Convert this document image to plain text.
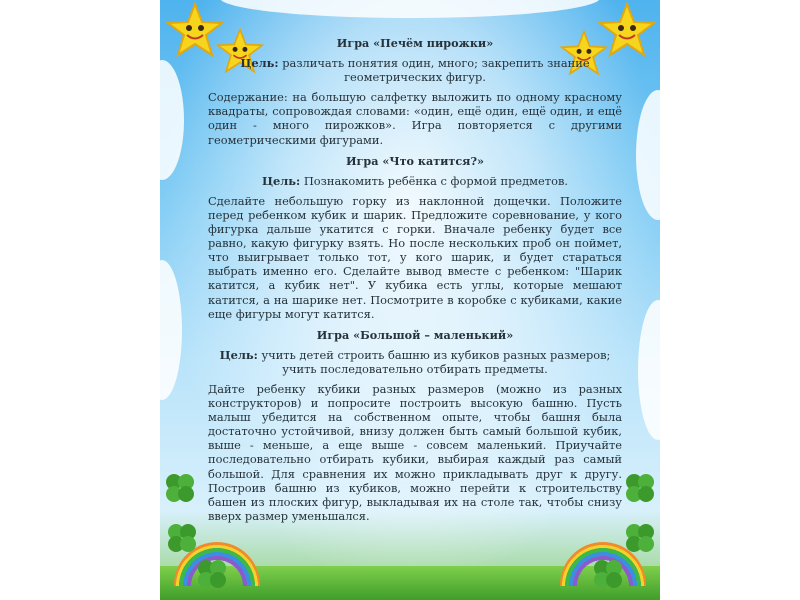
Игра «Печём пирожки»
Цель: различать понятия один, много; закрепить знание геометрических фигур.
Содержание: на большую салфетку выложить по одному красному квадраты, сопровождая словами: «один, ещё один, ещё один, и ещё один - много пирожков». Игра повторяется с другими геометрическими фигурами.
Игра «Что катится?»
Цель: Познакомить ребёнка с формой предметов.
Сделайте небольшую горку из наклонной дощечки. Положите перед ребенком кубик и шарик. Предложите соревнование, у кого фигурка дальше укатится с горки. Вначале ребенку будет все равно, какую фигурку взять. Но после нескольких проб он поймет, что выигрывает только тот, у кого шарик, и будет стараться выбрать именно его. Сделайте вывод вместе с ребенком: "Шарик катится, а кубик нет". У кубика есть углы, которые мешают катится, а на шарике нет. Посмотрите в коробке с кубиками, какие еще фигуры могут катится.
Игра «Большой – маленький»
Цель: учить детей строить башню из кубиков разных размеров; учить последовательно отбирать предметы.
Дайте ребенку кубики разных размеров (можно из разных конструкторов) и попросите построить высокую башню. Пусть малыш убедится на собственном опыте, чтобы башня была достаточно устойчивой, внизу должен быть самый большой кубик, выше - меньше, а еще выше - совсем маленький. Приучайте последовательно отбирать кубики, выбирая каждый раз самый большой. Для сравнения их можно прикладывать друг к другу. Построив башню из кубиков, можно перейти к строительству башен из плоских фигур, выкладывая их на столе так, чтобы снизу вверх размер уменьшался.
